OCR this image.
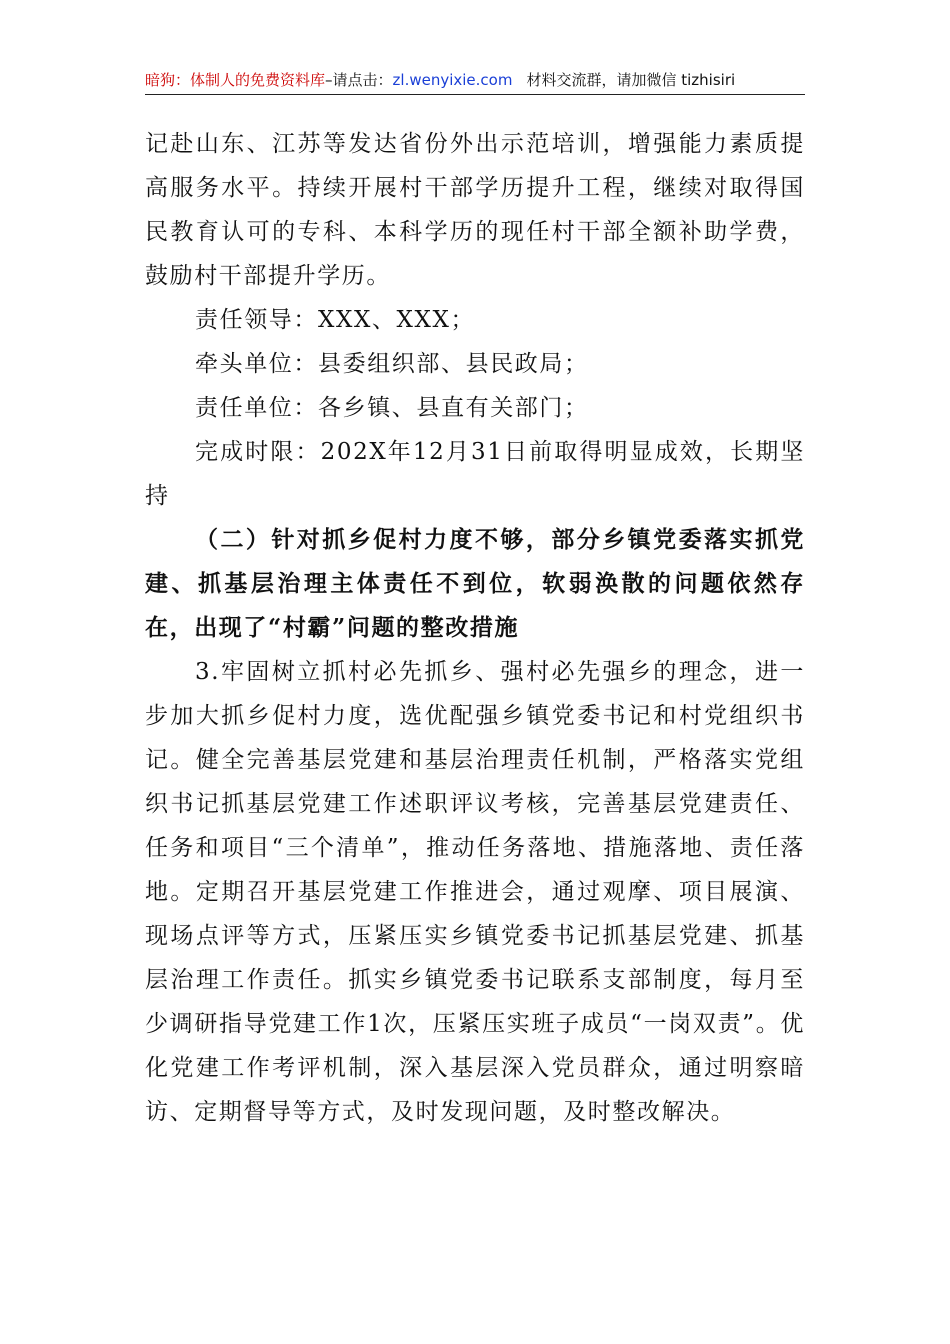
暗狗：体制人的免费资料库–请点击：zl.wenyixie.com 材料交流群，请加微信 tizhisiri

记赴山东、江苏等发达省份外出示范培训，增强能力素质提高服务水平。持续开展村干部学历提升工程，继续对取得国民教育认可的专科、本科学历的现任村干部全额补助学费，鼓励村干部提升学历。

责任领导：XXX、XXX；

牵头单位：县委组织部、县民政局；

责任单位：各乡镇、县直有关部门；

完成时限：202X年12月31日前取得明显成效，长期坚持

（二）针对抓乡促村力度不够，部分乡镇党委落实抓党建、抓基层治理主体责任不到位，软弱涣散的问题依然存在，出现了“村霸”问题的整改措施

3.牢固树立抓村必先抓乡、强村必先强乡的理念，进一步加大抓乡促村力度，选优配强乡镇党委书记和村党组织书记。健全完善基层党建和基层治理责任机制，严格落实党组织书记抓基层党建工作述职评议考核，完善基层党建责任、任务和项目“三个清单”，推动任务落地、措施落地、责任落地。定期召开基层党建工作推进会，通过观摩、项目展演、现场点评等方式，压紧压实乡镇党委书记抓基层党建、抓基层治理工作责任。抓实乡镇党委书记联系支部制度，每月至少调研指导党建工作1次，压紧压实班子成员“一岗双责”。优化党建工作考评机制，深入基层深入党员群众，通过明察暗访、定期督导等方式，及时发现问题，及时整改解决。
